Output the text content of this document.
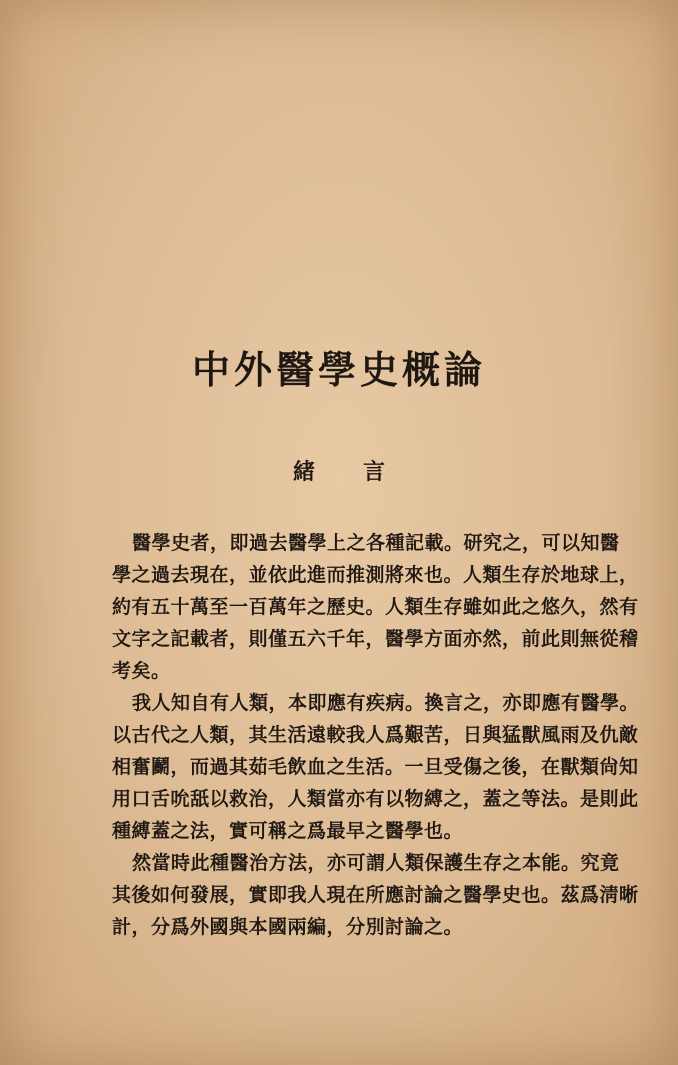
中外醫學史概論
緒 言
醫學史者，即過去醫學上之各種記載。研究之，可以知醫
學之過去現在，並依此進而推測將來也。人類生存於地球上，
約有五十萬至一百萬年之歷史。人類生存雖如此之悠久，然有
文字之記載者，則僅五六千年，醫學方面亦然，前此則無從稽
考矣。
我人知自有人類，本即應有疾病。換言之，亦即應有醫學。
以古代之人類，其生活遠較我人爲艱苦，日與猛獸風雨及仇敵
相奮鬬，而過其茹毛飲血之生活。一旦受傷之後，在獸類尙知
用口舌吮舐以救治，人類當亦有以物縛之，蓋之等法。是則此
種縛蓋之法，實可稱之爲最早之醫學也。
然當時此種醫治方法，亦可謂人類保護生存之本能。究竟
其後如何發展，實即我人現在所應討論之醫學史也。茲爲淸晰
計，分爲外國與本國兩編，分別討論之。
